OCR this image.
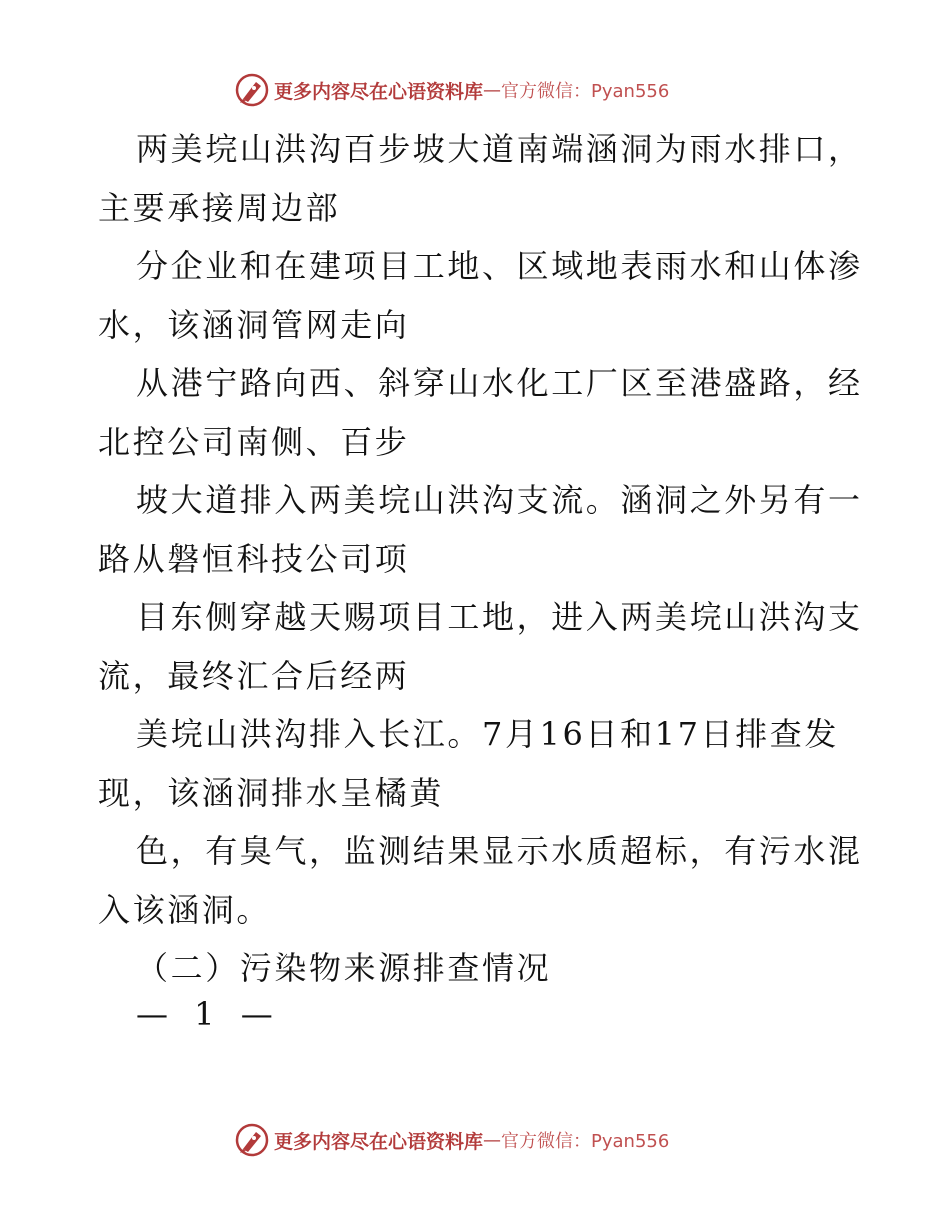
更多内容尽在心语资料库 — 官方微信：Pyan556
两美垸山洪沟百步坡大道南端涵洞为雨水排口，
主要承接周边部
分企业和在建项目工地、区域地表雨水和山体渗
水，该涵洞管网走向
从港宁路向西、斜穿山水化工厂区至港盛路，经
北控公司南侧、百步
坡大道排入两美垸山洪沟支流。涵洞之外另有一
路从磐恒科技公司项
目东侧穿越天赐项目工地，进入两美垸山洪沟支
流，最终汇合后经两
美垸山洪沟排入长江。7月16日和17日排查发
现，该涵洞排水呈橘黄
色，有臭气，监测结果显示水质超标，有污水混
入该涵洞。
（二）污染物来源排查情况
— 1 —
更多内容尽在心语资料库 — 官方微信：Pyan556
